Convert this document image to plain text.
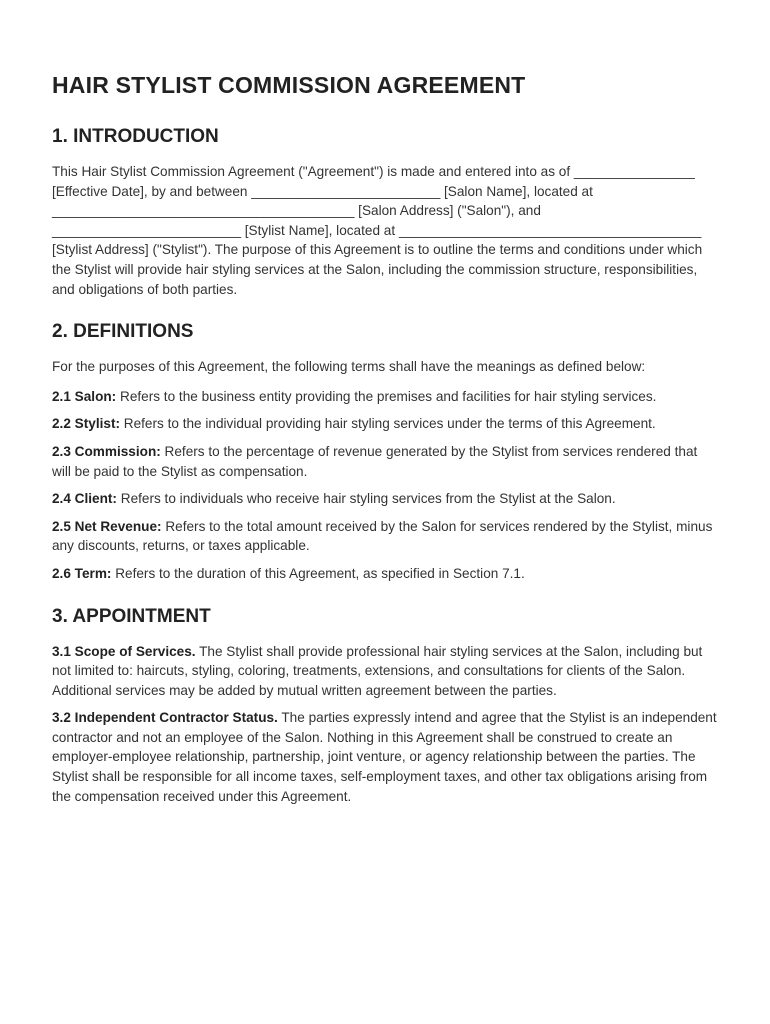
HAIR STYLIST COMMISSION AGREEMENT
1. INTRODUCTION

This Hair Stylist Commission Agreement ("Agreement") is made and entered into as of ________________ [Effective Date], by and between _________________________ [Salon Name], located at ________________________________________ [Salon Address] ("Salon"), and _________________________ [Stylist Name], located at ________________________________________ [Stylist Address] ("Stylist"). The purpose of this Agreement is to outline the terms and conditions under which the Stylist will provide hair styling services at the Salon, including the commission structure, responsibilities, and obligations of both parties.

2. DEFINITIONS

For the purposes of this Agreement, the following terms shall have the meanings as defined below:

2.1 Salon: Refers to the business entity providing the premises and facilities for hair styling services.

2.2 Stylist: Refers to the individual providing hair styling services under the terms of this Agreement.

2.3 Commission: Refers to the percentage of revenue generated by the Stylist from services rendered that will be paid to the Stylist as compensation.

2.4 Client: Refers to individuals who receive hair styling services from the Stylist at the Salon.

2.5 Net Revenue: Refers to the total amount received by the Salon for services rendered by the Stylist, minus any discounts, returns, or taxes applicable.

2.6 Term: Refers to the duration of this Agreement, as specified in Section 7.1.

3. APPOINTMENT

3.1 Scope of Services. The Stylist shall provide professional hair styling services at the Salon, including but not limited to: haircuts, styling, coloring, treatments, extensions, and consultations for clients of the Salon. Additional services may be added by mutual written agreement between the parties.

3.2 Independent Contractor Status. The parties expressly intend and agree that the Stylist is an independent contractor and not an employee of the Salon. Nothing in this Agreement shall be construed to create an employer-employee relationship, partnership, joint venture, or agency relationship between the parties. The Stylist shall be responsible for all income taxes, self-employment taxes, and other tax obligations arising from the compensation received under this Agreement.
